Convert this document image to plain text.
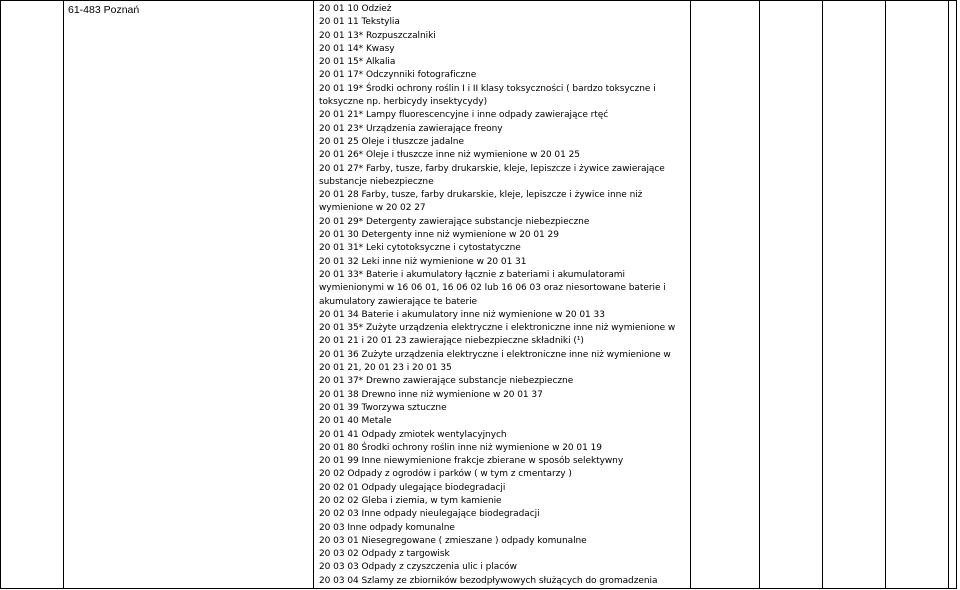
61-483 Poznań	20 01 10 Odzież
20 01 11 Tekstylia
20 01 13* Rozpuszczalniki
20 01 14* Kwasy
20 01 15* Alkalia
20 01 17* Odczynniki fotograficzne
20 01 19* Środki ochrony roślin I i II klasy toksyczności ( bardzo toksyczne i
toksyczne np. herbicydy insektycydy)
20 01 21* Lampy fluorescencyjne i inne odpady zawierające rtęć
20 01 23* Urządzenia zawierające freony
20 01 25 Oleje i tłuszcze jadalne
20 01 26* Oleje i tłuszcze inne niż wymienione w 20 01 25
20 01 27* Farby, tusze, farby drukarskie, kleje, lepiszcze i żywice zawierające
substancje niebezpieczne
20 01 28 Farby, tusze, farby drukarskie, kleje, lepiszcze i żywice inne niż
wymienione w 20 02 27
20 01 29* Detergenty zawierające substancje niebezpieczne
20 01 30 Detergenty inne niż wymienione w 20 01 29
20 01 31* Leki cytotoksyczne i cytostatyczne
20 01 32 Leki inne niż wymienione w 20 01 31
20 01 33* Baterie i akumulatory łącznie z bateriami i akumulatorami
wymienionymi w 16 06 01, 16 06 02 lub 16 06 03 oraz niesortowane baterie i
akumulatory zawierające te baterie
20 01 34 Baterie i akumulatory inne niż wymienione w 20 01 33
20 01 35* Zużyte urządzenia elektryczne i elektroniczne inne niż wymienione w
20 01 21 i 20 01 23 zawierające niebezpieczne składniki (¹)
20 01 36 Zużyte urządzenia elektryczne i elektroniczne inne niż wymienione w
20 01 21, 20 01 23 i 20 01 35
20 01 37* Drewno zawierające substancje niebezpieczne
20 01 38 Drewno inne niż wymienione w 20 01 37
20 01 39 Tworzywa sztuczne
20 01 40 Metale
20 01 41 Odpady zmiotek wentylacyjnych
20 01 80 Środki ochrony roślin inne niż wymienione w 20 01 19
20 01 99 Inne niewymienione frakcje zbierane w sposób selektywny
20 02 Odpady z ogrodów i parków ( w tym z cmentarzy )
20 02 01 Odpady ulegające biodegradacji
20 02 02 Gleba i ziemia, w tym kamienie
20 02 03 Inne odpady nieulegające biodegradacji
20 03 Inne odpady komunalne
20 03 01 Niesegregowane ( zmieszane ) odpady komunalne
20 03 02 Odpady z targowisk
20 03 03 Odpady z czyszczenia ulic i placów
20 03 04 Szlamy ze zbiorników bezodpływowych służących do gromadzenia
